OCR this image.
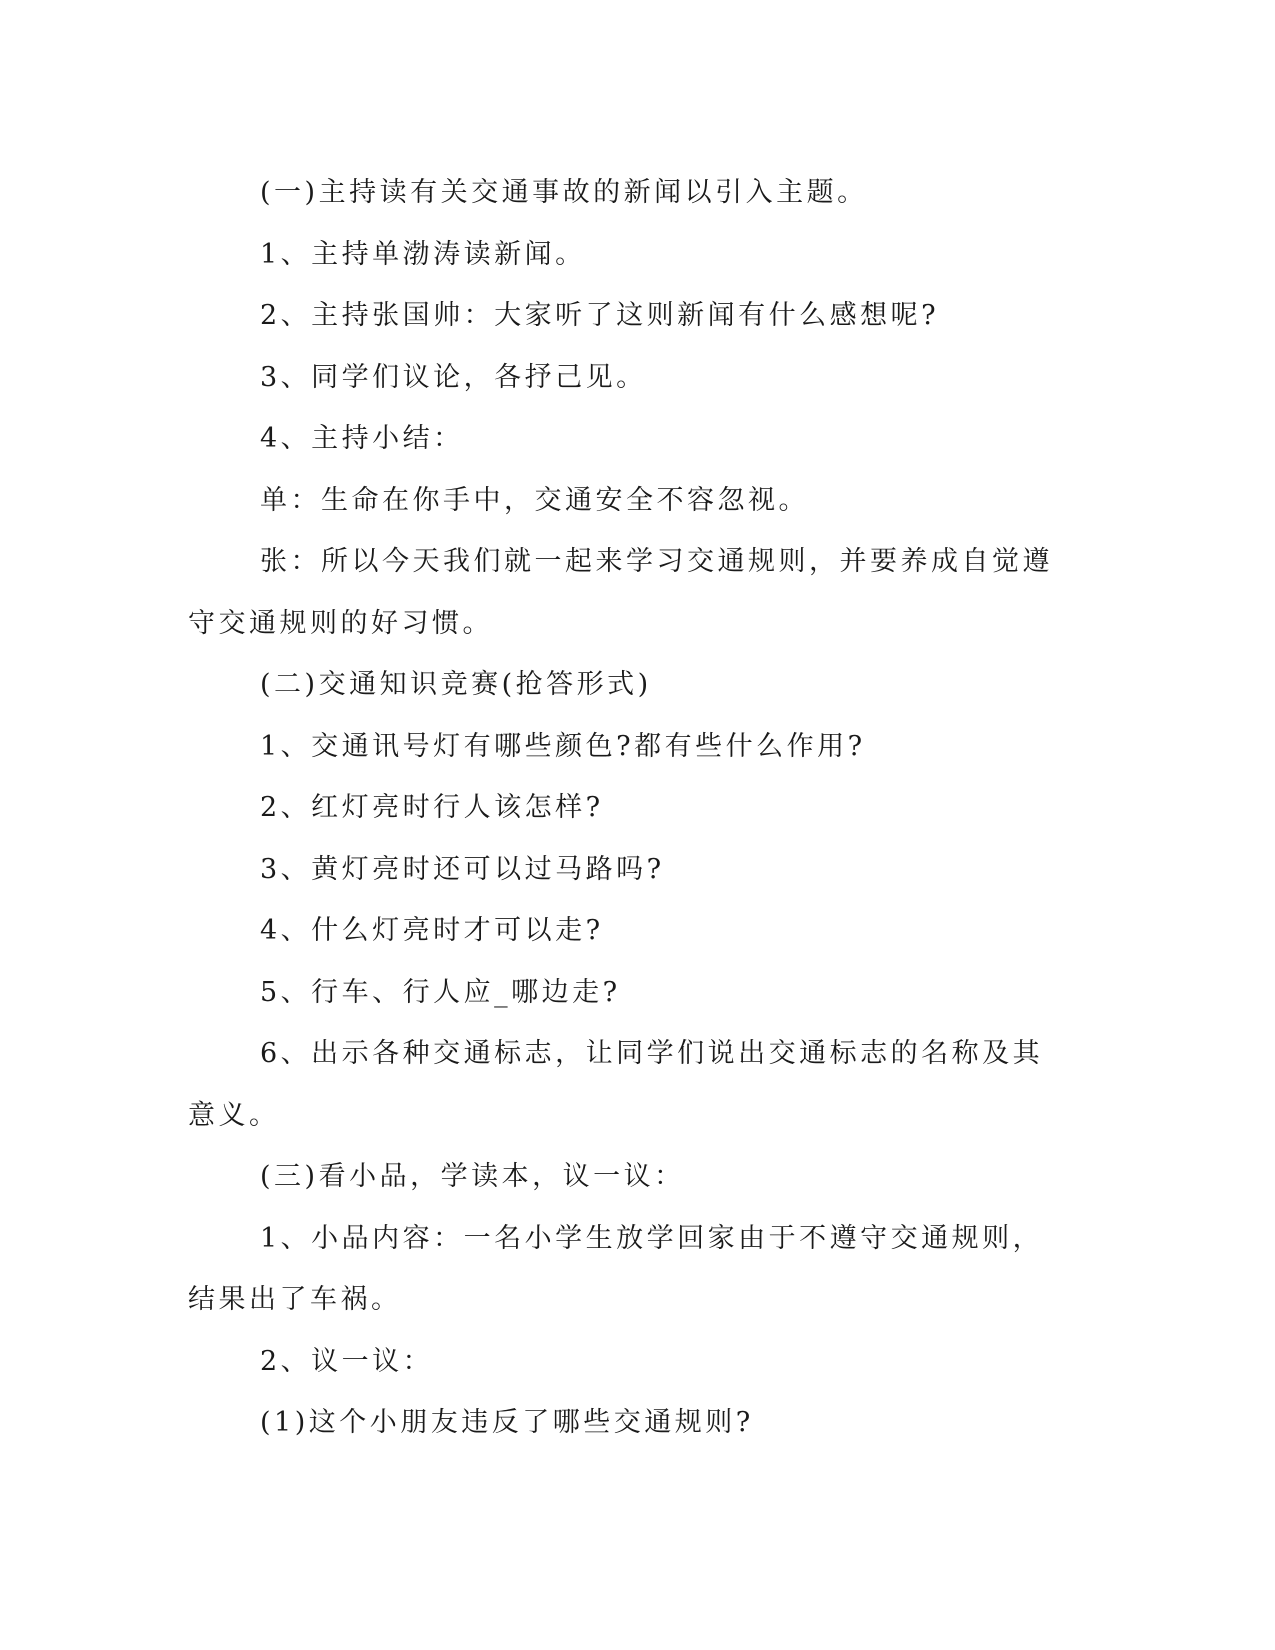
(一)主持读有关交通事故的新闻以引入主题。

1、主持单渤涛读新闻。

2、主持张国帅：大家听了这则新闻有什么感想呢?

3、同学们议论，各抒己见。

4、主持小结：

单：生命在你手中，交通安全不容忽视。

张：所以今天我们就一起来学习交通规则，并要养成自觉遵守交通规则的好习惯。

(二)交通知识竞赛(抢答形式)

1、交通讯号灯有哪些颜色?都有些什么作用?

2、红灯亮时行人该怎样?

3、黄灯亮时还可以过马路吗?

4、什么灯亮时才可以走?

5、行车、行人应_哪边走?

6、出示各种交通标志，让同学们说出交通标志的名称及其意义。

(三)看小品，学读本，议一议：

1、小品内容：一名小学生放学回家由于不遵守交通规则，结果出了车祸。

2、议一议：

(1)这个小朋友违反了哪些交通规则?
